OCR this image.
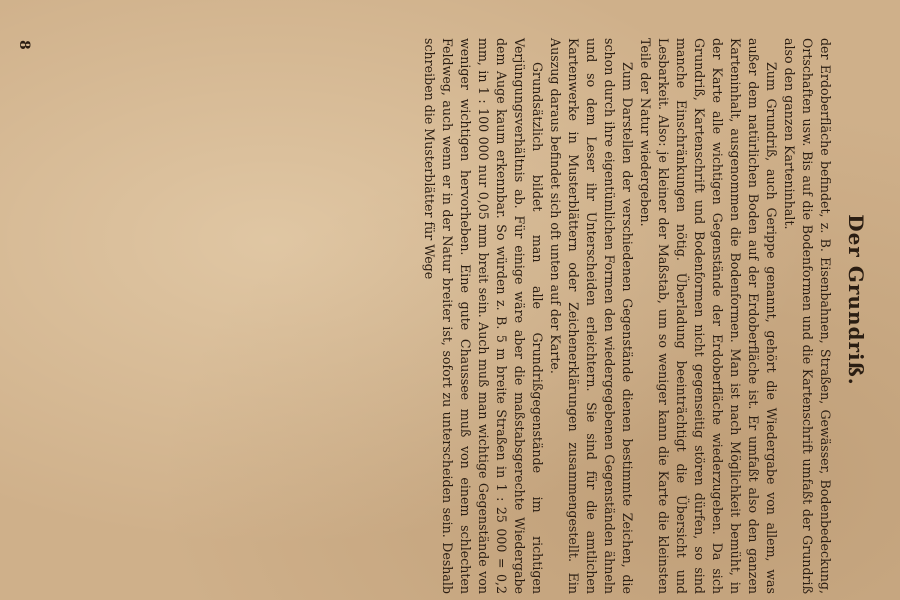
Der Grundriß.

der Erdoberfläche befindet, z. B. Eisenbahnen, Straßen, Gewässer, Bodenbedeckung, Ortschaften usw. Bis auf die Bodenformen und die Kartenschrift umfaßt der Grundriß also den ganzen Karteninhalt.

Zum Grundriß, auch Gerippe genannt, gehört die Wiedergabe von allem, was außer dem natürlichen Boden auf der Erdoberfläche ist. Er umfaßt also den ganzen Karteninhalt, ausgenommen die Bodenformen. Man ist nach Möglichkeit bemüht, in der Karte alle wichtigen Gegenstände der Erdoberfläche wiederzugeben. Da sich Grundriß, Kartenschrift und Bodenformen nicht gegenseitig stören dürfen, so sind manche Einschränkungen nötig. Überladung beeinträchtigt die Übersicht und Lesbarkeit. Also: je kleiner der Maßstab, um so weniger kann die Karte die kleinsten Teile der Natur wiedergeben.

Zum Darstellen der verschiedenen Gegenstände dienen bestimmte Zeichen, die schon durch ihre eigentümlichen Formen den wiedergegebenen Gegenständen ähneln und so dem Leser ihr Unterscheiden erleichtern. Sie sind für die amtlichen Kartenwerke in Musterblättern oder Zeichenerklärungen zusammengestellt. Ein Auszug daraus befindet sich oft unten auf der Karte.

Grundsätzlich bildet man alle Grundrißgegenstände im richtigen Verjüngungsverhältnis ab. Für einige wäre aber die maßstabsgerechte Wiedergabe dem Auge kaum erkennbar. So würden z. B. 5 m breite Straßen in 1 : 25 000 = 0,2 mm, in 1 : 100 000 nur 0,05 mm breit sein. Auch muß man wichtige Gegenstände von weniger wichtigen hervorheben. Eine gute Chaussee muß von einem schlechten Feldweg, auch wenn er in der Natur breiter ist, sofort zu unterscheiden sein. Deshalb schreiben die Musterblätter für Wege

8
